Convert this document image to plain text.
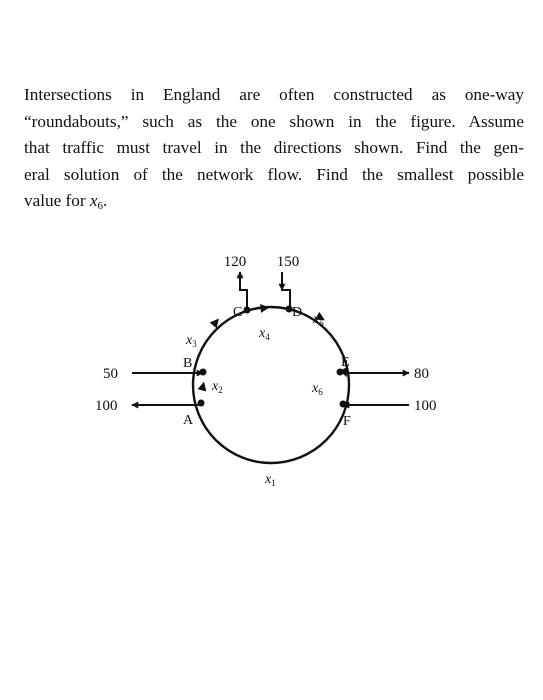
Intersections in England are often constructed as one-way
“roundabouts,” such as the one shown in the figure. Assume
that traffic must travel in the directions shown. Find the gen-
eral solution of the network flow. Find the smallest possible
value for $x_6$.
A
B
C	D
E
F
120 150
50
100
80
100
$x_2$
$x_3$
$x_4$
$x_5$
$x_6$
$x_1$
